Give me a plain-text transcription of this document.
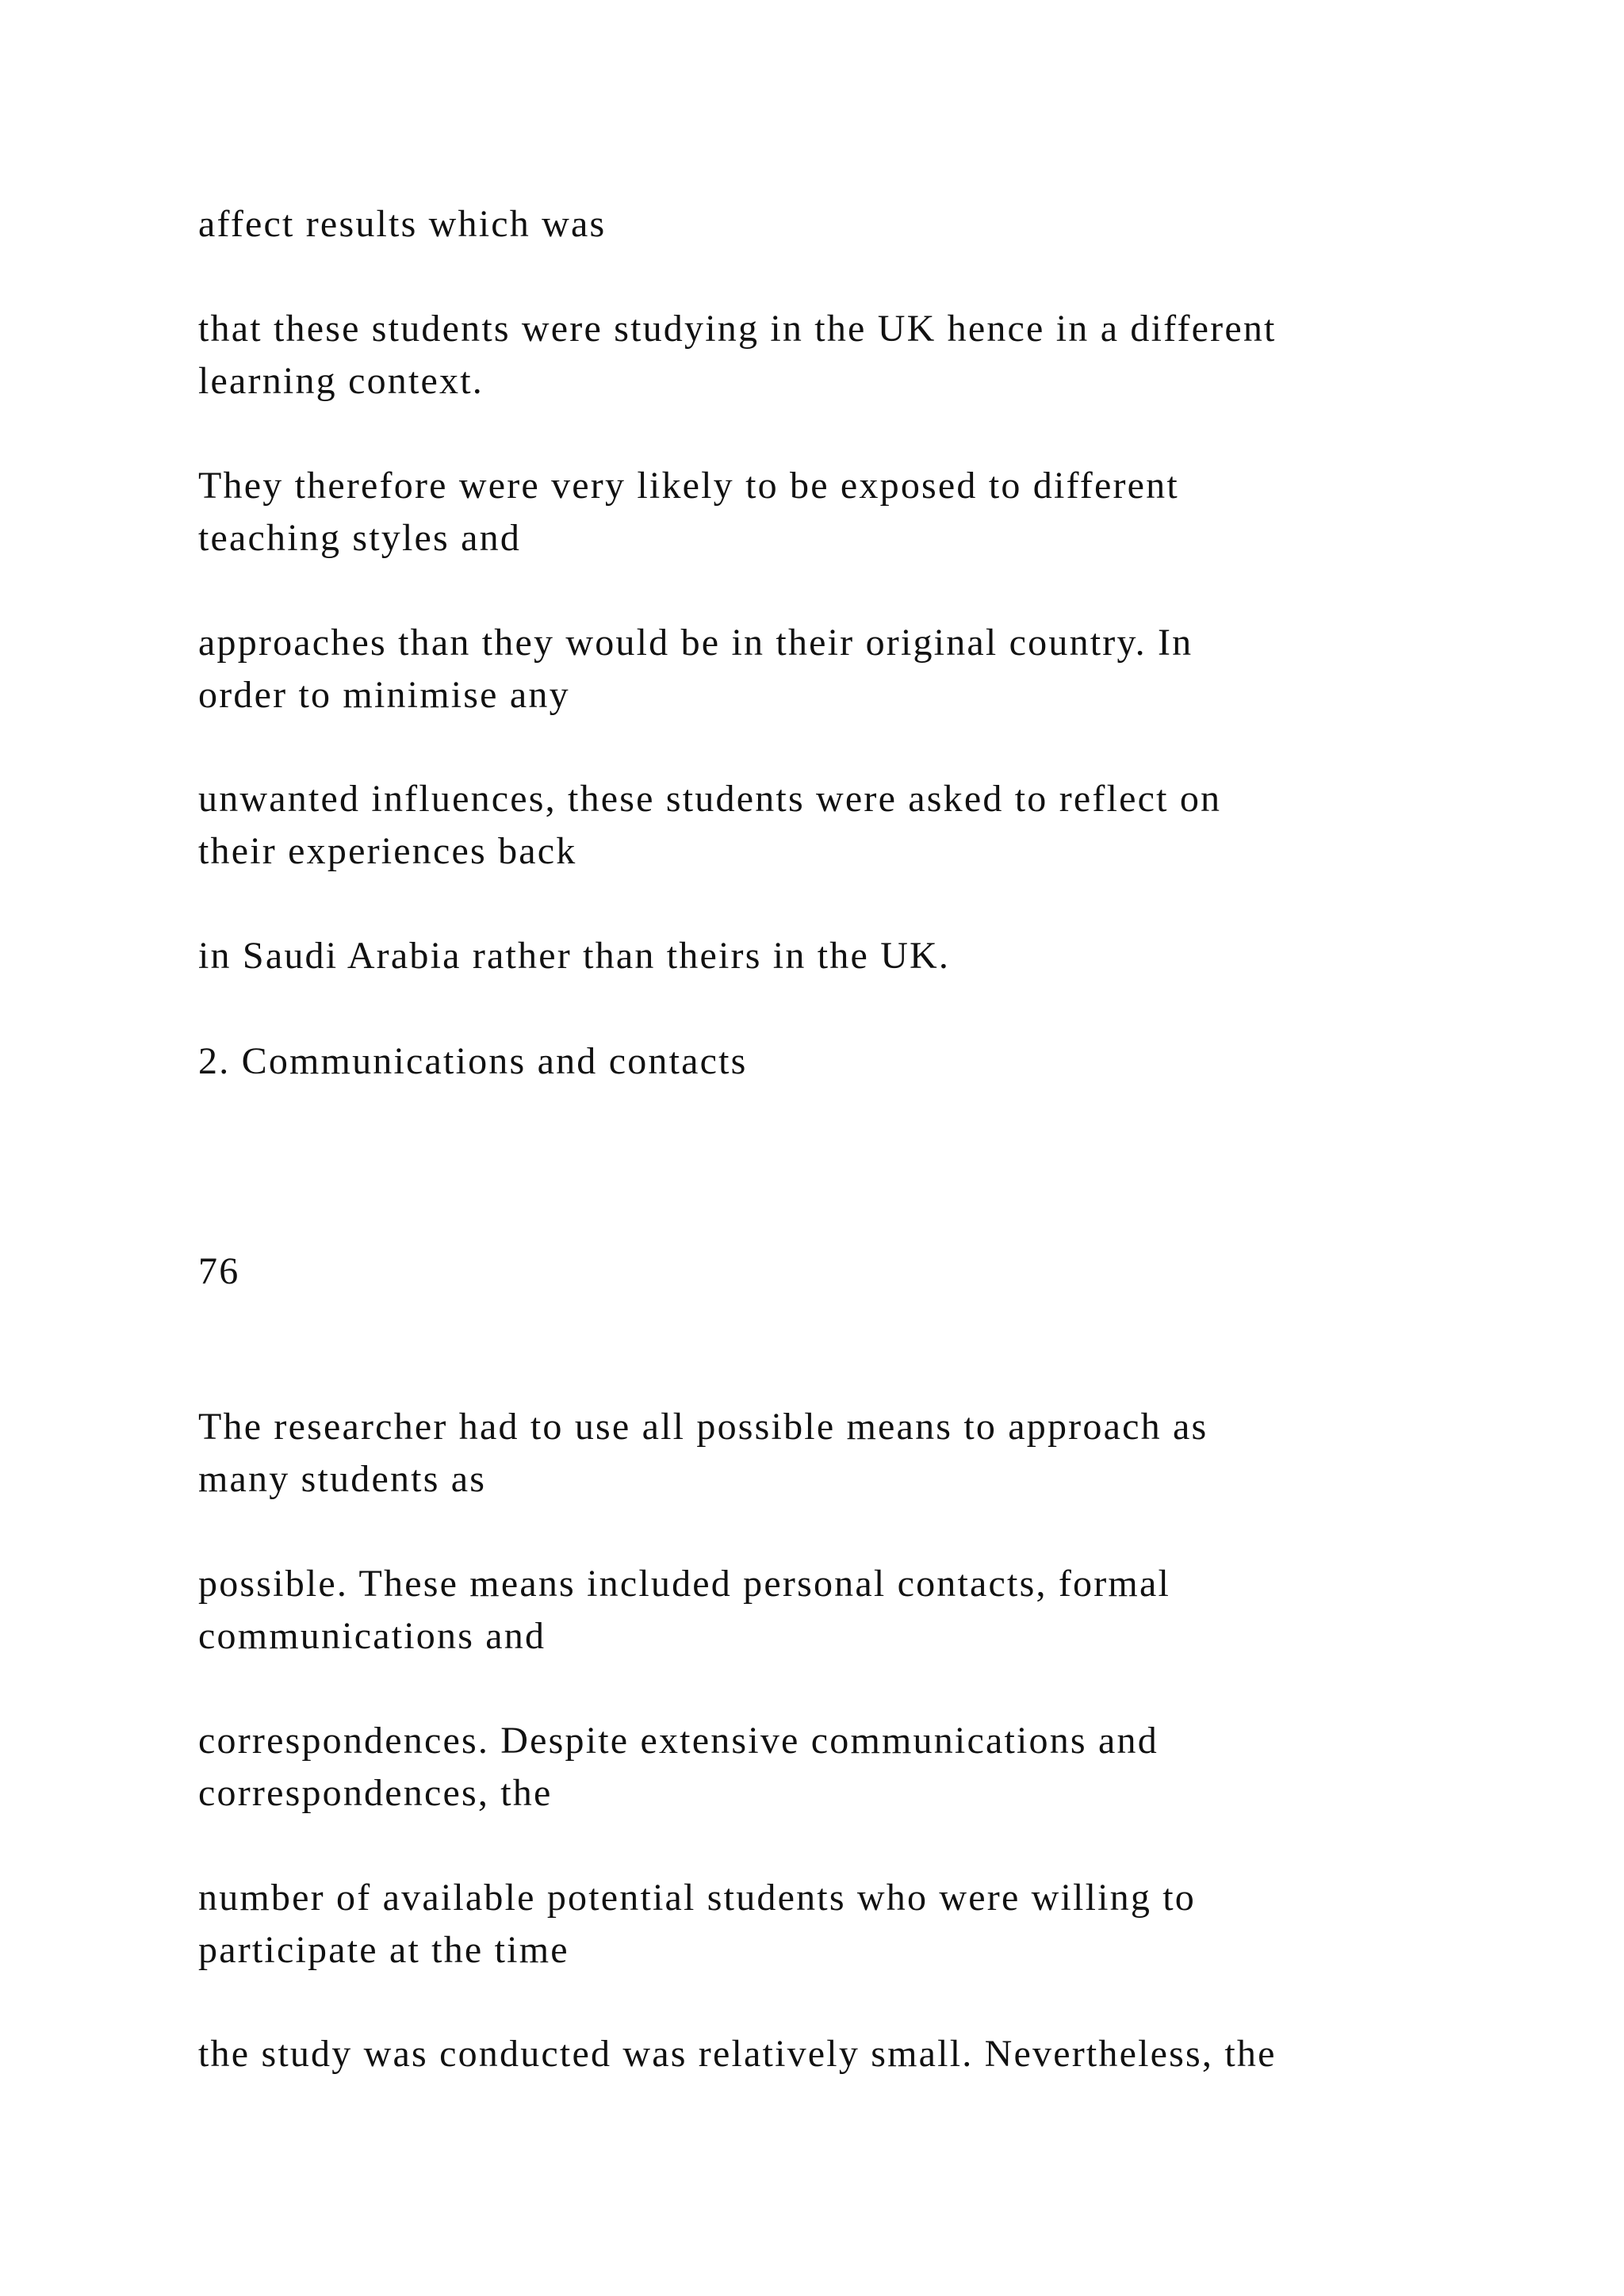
affect results which was

that these students were studying in the UK hence in a different
learning context.

They therefore were very likely to be exposed to different
teaching styles and

approaches than they would be in their original country. In
order to minimise any

unwanted influences, these students were asked to reflect on
their experiences back

in Saudi Arabia rather than theirs in the UK.

2. Communications and contacts

76

The researcher had to use all possible means to approach as
many students as

possible. These means included personal contacts, formal
communications and

correspondences. Despite extensive communications and
correspondences, the

number of available potential students who were willing to
participate at the time

the study was conducted was relatively small. Nevertheless, the
